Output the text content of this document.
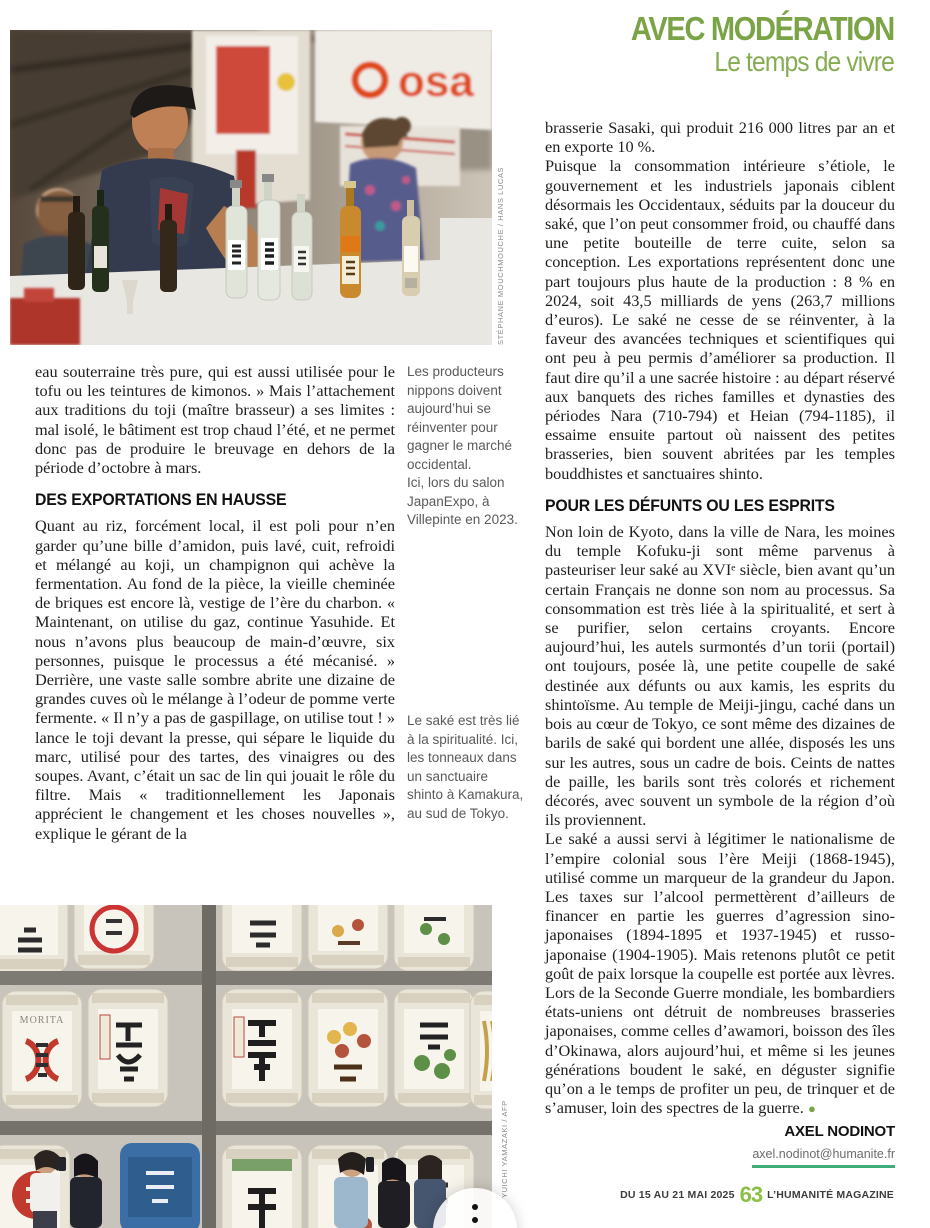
AVEC MODÉRATION
Le temps de vivre
osa
STÉPHANE MOUCHMOUCHE / HANS LUCAS

eau souterraine très pure, qui est aussi utilisée pour le tofu ou les teintures de kimonos. » Mais l’attachement aux traditions du toji (maître brasseur) a ses limites : mal isolé, le bâtiment est trop chaud l’été, et ne permet donc pas de produire le breuvage en dehors de la période d’octobre à mars.

DES EXPORTATIONS EN HAUSSE

Quant au riz, forcément local, il est poli pour n’en garder qu’une bille d’amidon, puis lavé, cuit, refroidi et mélangé au koji, un champignon qui achève la fermentation. Au fond de la pièce, la vieille cheminée de briques est encore là, vestige de l’ère du charbon. « Maintenant, on utilise du gaz, continue Yasuhide. Et nous n’avons plus beaucoup de main-d’œuvre, six personnes, puisque le processus a été mécanisé. » Derrière, une vaste salle sombre abrite une dizaine de grandes cuves où le mélange à l’odeur de pomme verte fermente. « Il n’y a pas de gaspillage, on utilise tout ! » lance le toji devant la presse, qui sépare le liquide du marc, utilisé pour des tartes, des vinaigres ou des soupes. Avant, c’était un sac de lin qui jouait le rôle du filtre. Mais « traditionnellement les Japonais apprécient le changement et les choses nouvelles », explique le gérant de la

Les producteurs nippons doivent aujourd’hui se réinventer pour gagner le marché occidental.
Ici, lors du salon JapanExpo, à Villepinte en 2023.
Le saké est très lié à la spiritualité. Ici, les tonneaux dans un sanctuaire shinto à Kamakura, au sud de Tokyo.

brasserie Sasaki, qui produit 216 000 litres par an et en exporte 10 %.

Puisque la consommation intérieure s’étiole, le gouvernement et les industriels japonais ciblent désormais les Occidentaux, séduits par la douceur du saké, que l’on peut consommer froid, ou chauffé dans une petite bouteille de terre cuite, selon sa conception. Les exportations représentent donc une part toujours plus haute de la production : 8 % en 2024, soit 43,5 milliards de yens (263,7 millions d’euros). Le saké ne cesse de se réinventer, à la faveur des avancées techniques et scientifiques qui ont peu à peu permis d’améliorer sa production. Il faut dire qu’il a une sacrée histoire : au départ réservé aux banquets des riches familles et dynasties des périodes Nara (710-794) et Heian (794-1185), il essaime ensuite partout où naissent des petites brasseries, bien souvent abritées par les temples bouddhistes et sanctuaires shinto.

POUR LES DÉFUNTS OU LES ESPRITS

Non loin de Kyoto, dans la ville de Nara, les moines du temple Kofuku-ji sont même parvenus à pasteuriser leur saké au XVIᵉ siècle, bien avant qu’un certain Français ne donne son nom au processus. Sa consommation est très liée à la spiritualité, et sert à se purifier, selon certains croyants. Encore aujourd’hui, les autels surmontés d’un torii (portail) ont toujours, posée là, une petite coupelle de saké destinée aux défunts ou aux kamis, les esprits du shintoïsme. Au temple de Meiji-jingu, caché dans un bois au cœur de Tokyo, ce sont même des dizaines de barils de saké qui bordent une allée, disposés les uns sur les autres, sous un cadre de bois. Ceints de nattes de paille, les barils sont très colorés et richement décorés, avec souvent un symbole de la région d’où ils proviennent.

Le saké a aussi servi à légitimer le nationalisme de l’empire colonial sous l’ère Meiji (1868-1945), utilisé comme un marqueur de la grandeur du Japon. Les taxes sur l’alcool permettèrent d’ailleurs de financer en partie les guerres d’agression sino-japonaises (1894-1895 et 1937-1945) et russo-japonaise (1904-1905). Mais retenons plutôt ce petit goût de paix lorsque la coupelle est portée aux lèvres. Lors de la Seconde Guerre mondiale, les bombardiers états-uniens ont détruit de nombreuses brasseries japonaises, comme celles d’awamori, boisson des îles d’Okinawa, alors aujourd’hui, et même si les jeunes générations boudent le saké, en déguster signifie qu’on a le temps de profiter un peu, de trinquer et de s’amuser, loin des spectres de la guerre. ●

AXEL NODINOT
axel.nodinot@humanite.fr
MORITA
YUICHI YAMAZAKI / AFP	DU 15 AU 21 MAI 2025 63 L’HUMANITÉ MAGAZINE
